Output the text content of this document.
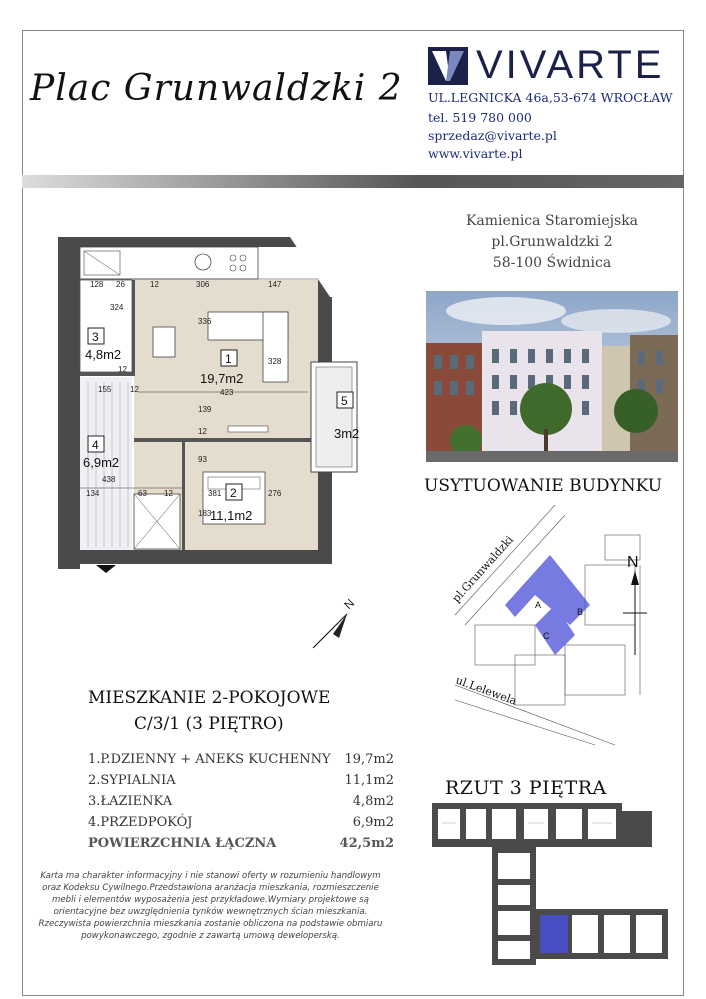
Plac Grunwaldzki 2
VIVARTE
UL.LEGNICKA 46a,53-674 WROCŁAW
tel. 519 780 000
sprzedaz@vivarte.pl
www.vivarte.pl
Kamienica Staromiejska
pl.Grunwaldzki 2
58-100 Świdnica
USYTUOWANIE BUDYNKU
A
B
C
pl.Grunwaldzki
ul.Lelewela
N
3
4
1
2
5
4,8m2
6,9m2
19,7m2
11,1m2
3m2
128 26	12	306	147
324
336
328
423
12
155 12
139
12
93
438
134	63 12	381	276
183
N
MIESZKANIE 2-POKOJOWE
C/3/1 (3 PIĘTRO)
1.P.DZIENNY + ANEKS KUCHENNY 19,7m2
2.SYPIALNIA	11,1m2
3.ŁAZIENKA	4,8m2
4.PRZEDPOKÓJ	6,9m2
POWIERZCHNIA ŁĄCZNA	42,5m2
Karta ma charakter informacyjny i nie stanowi oferty w rozumieniu handlowym oraz Kodeksu Cywilnego.Przedstawiona aranżacja mieszkania, rozmieszczenie mebli i elementów wyposażenia jest przykładowe.Wymiary projektowe są orientacyjne bez uwzględnienia tynków wewnętrznych ścian mieszkania. Rzeczywista powierzchnia mieszkania zostanie obliczona na podstawie obmiaru powykonawczego, zgodnie z zawartą umową deweloperską.
RZUT 3 PIĘTRA
